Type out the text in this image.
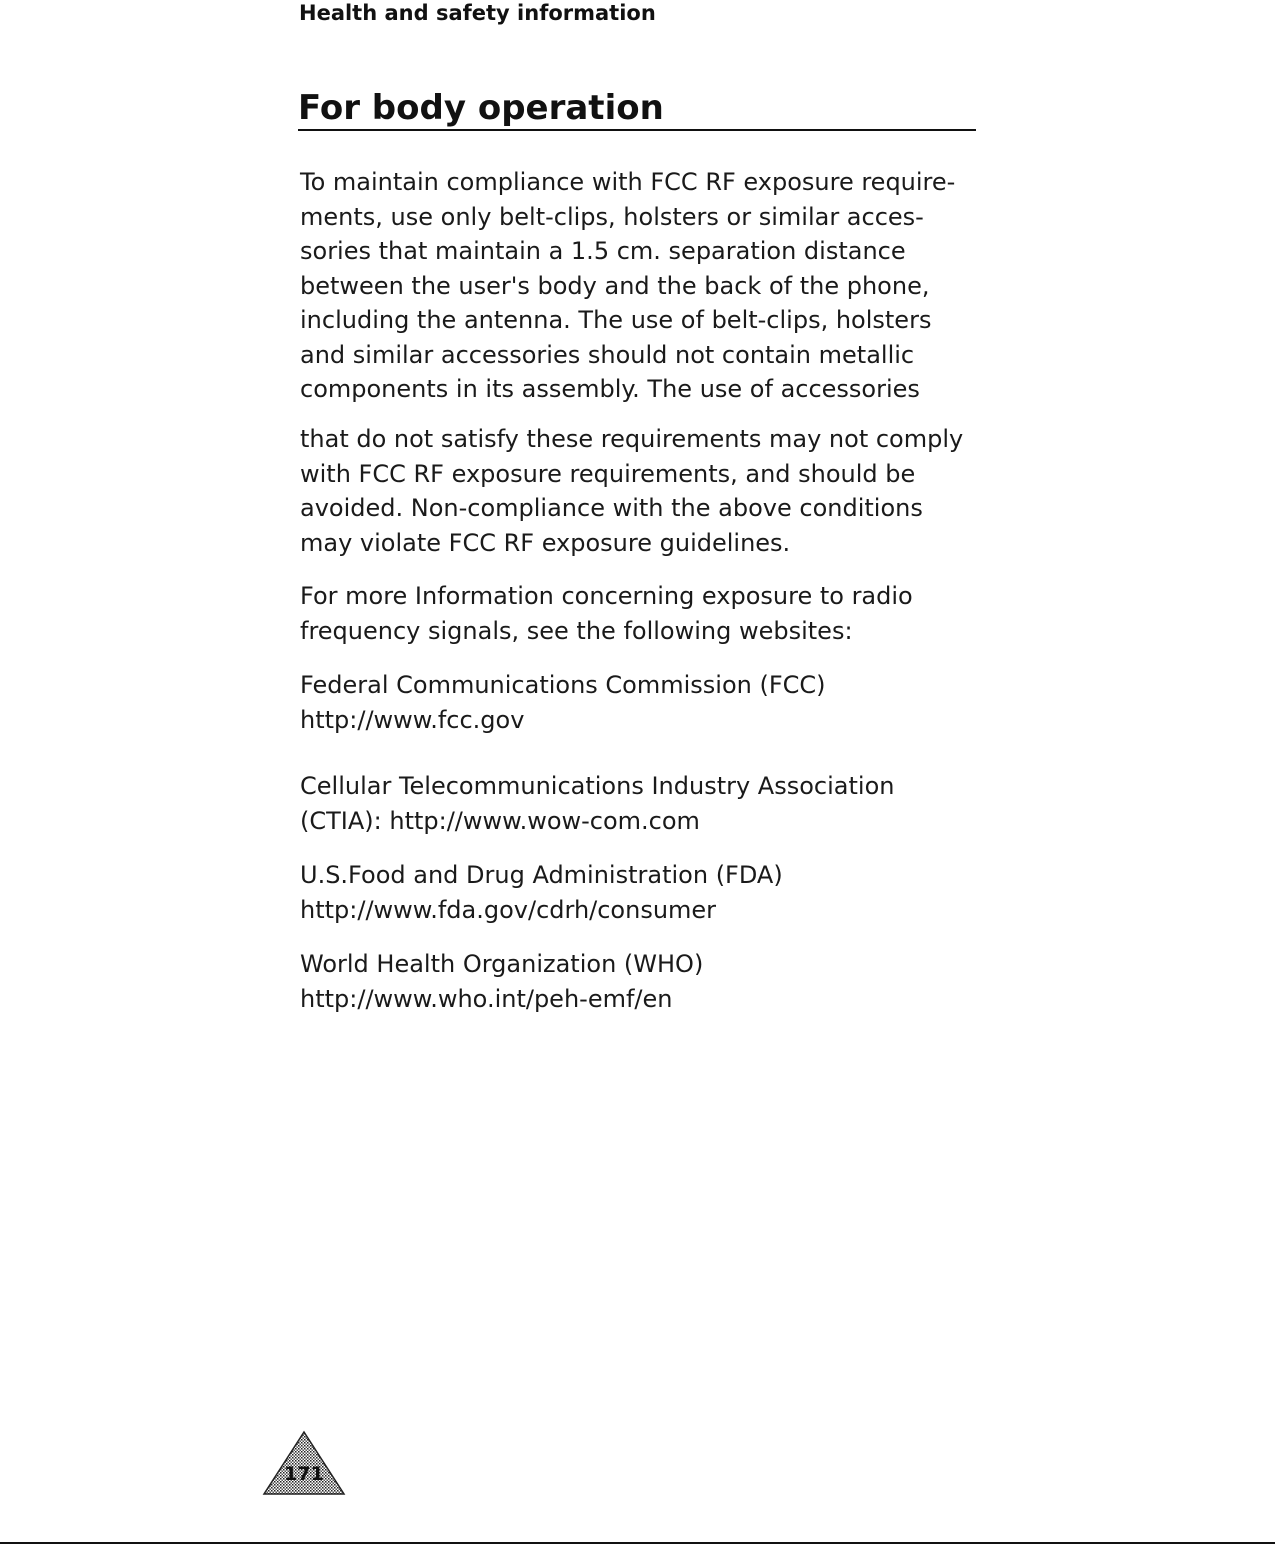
Health and safety information
For body operation

To maintain compliance with FCC RF exposure require-
ments, use only belt-clips, holsters or similar acces-
sories that maintain a 1.5 cm. separation distance
between the user's body and the back of the phone,
including the antenna. The use of belt-clips, holsters
and similar accessories should not contain metallic
components in its assembly. The use of accessories

that do not satisfy these requirements may not comply
with FCC RF exposure requirements, and should be
avoided. Non-compliance with the above conditions
may violate FCC RF exposure guidelines.

For more Information concerning exposure to radio
frequency signals, see the following websites:

Federal Communications Commission (FCC)
http://www.fcc.gov
Cellular Telecommunications Industry Association
(CTIA): http://www.wow-com.com
U.S.Food and Drug Administration (FDA)
http://www.fda.gov/cdrh/consumer
World Health Organization (WHO)
http://www.who.int/peh-emf/en
171
